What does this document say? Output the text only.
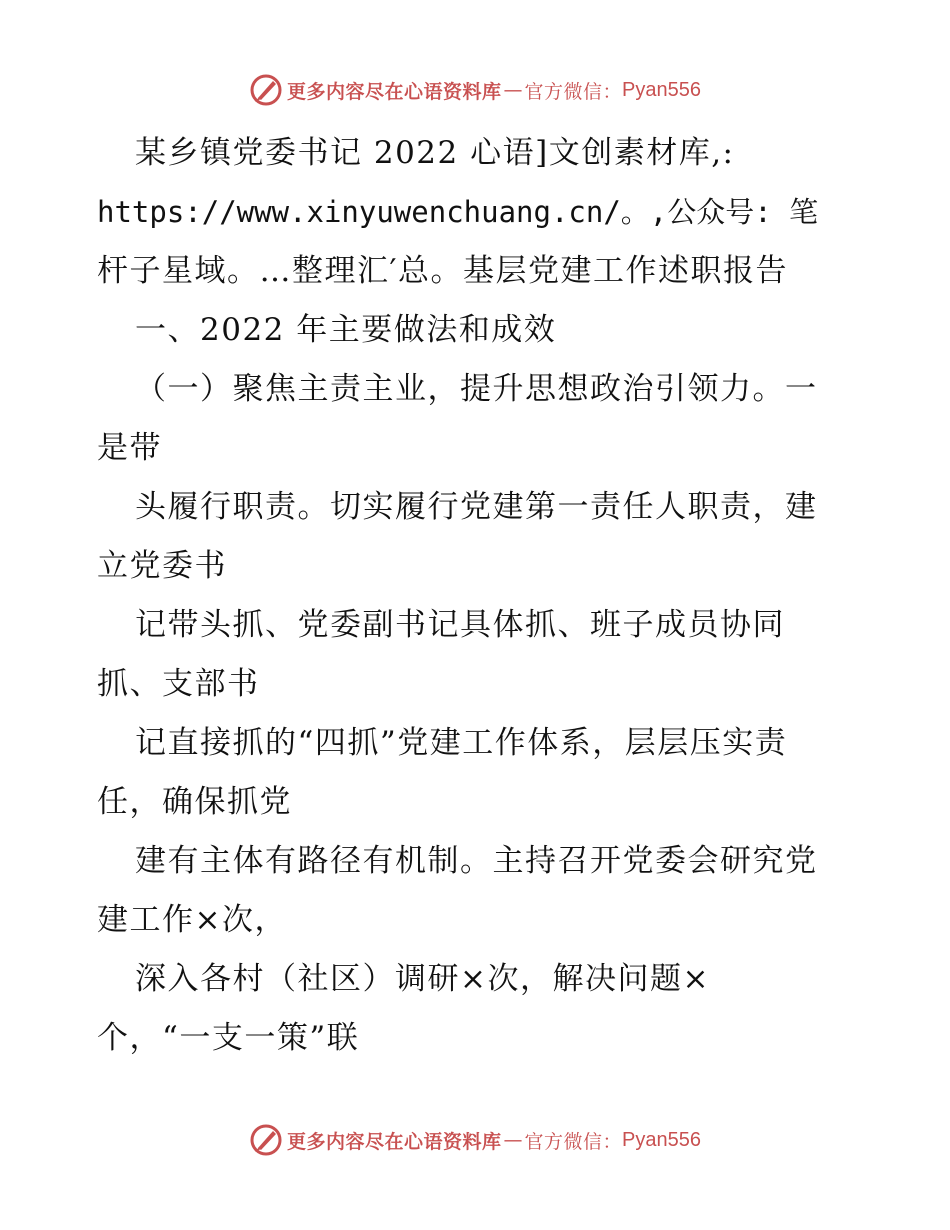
更多内容尽在心语资料库 — 官方微信： Pyan556
某乡镇党委书记 2022 心语]文创素材库,:
https://www.xinyuwenchuang.cn/。,公众号: 笔
杆子星域。…整理汇′总。基层党建工作述职报告
一、2022 年主要做法和成效
（一）聚焦主责主业，提升思想政治引领力。一
是带
头履行职责。切实履行党建第一责任人职责，建
立党委书
记带头抓、党委副书记具体抓、班子成员协同
抓、支部书
记直接抓的“四抓”党建工作体系，层层压实责
任，确保抓党
建有主体有路径有机制。主持召开党委会研究党
建工作×次，
深入各村（社区）调研×次，解决问题×
个，“一支一策”联
更多内容尽在心语资料库 — 官方微信： Pyan556
